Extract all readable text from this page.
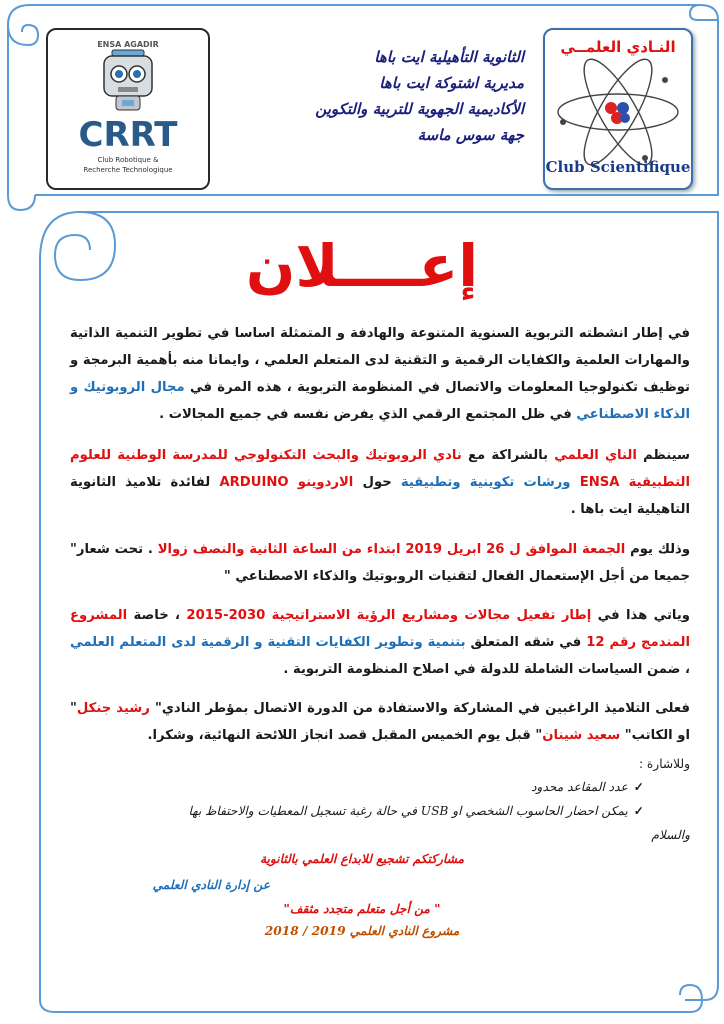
ENSA AGADIR
CRRT
Club Robotique &
Recherche Technologique
الثانوية التأهيلية ايت باها
مديرية اشتوكة ايت باها
الأكاديمية الجهوية للتربية والتكوين
جهة سوس ماسة
النـادي العلمــي
Club Scientifique
إعــــلان
في إطار انشطته التربوية السنوية المتنوعة والهادفة و المتمثلة اساسا في تطوير التنمية الذاتية والمهارات العلمية والكفايات الرقمية و التقنية لدى المتعلم العلمي ، وايمانا منه بأهمية البرمجة و توظيف تكنولوجيا المعلومات والاتصال في المنظومة التربوية ، هذه المرة في مجال الروبوتيك و الذكاء الاصطناعي في ظل المجتمع الرقمي الذي يفرض نفسه في جميع المجالات .
سينظم الناي العلمي بالشراكة مع نادي الروبوتيك والبحث التكنولوجي للمدرسة الوطنية للعلوم التطبيقية ENSA ورشات تكوينية وتطبيقية حول الاردوينو ARDUINO لفائدة تلاميذ الثانوية التاهيلية ايت باها .
وذلك يوم الجمعة الموافق ل 26 ابريل 2019 ابتداء من الساعة الثانية والنصف زوالا . تحت شعار" جميعا من أجل الإستعمال الفعال لتقنيات الروبوتيك والذكاء الاصطناعي "
وياتي هذا في إطار تفعيل مجالات ومشاريع الرؤية الاستراتيجية 2030-2015 ، خاصة المشروع المندمج رقم 12 في شقه المتعلق بتنمية وتطوير الكفايات التقنية و الرقمية لدى المتعلم العلمي ، ضمن السياسات الشاملة للدولة في اصلاح المنظومة التربوية .
فعلى التلاميذ الراغبين في المشاركة والاستفادة من الدورة الاتصال بمؤطر النادي" رشيد جنكل" او الكاتب" سعيد شينان" قبل يوم الخميس المقبل قصد انجاز اللائحة النهائية، وشكرا.
وللاشارة :
✓عدد المقاعد محدود
✓يمكن احضار الحاسوب الشخصي او USB في حالة رغبة تسجيل المعطيات والاحتفاظ بها
والسلام
مشاركتكم تشجيع للابداع العلمي بالثانوية
عن إدارة النادي العلمي
" من أجل متعلم متجدد مثقف"
مشروع النادي العلمي 2019 / 2018
